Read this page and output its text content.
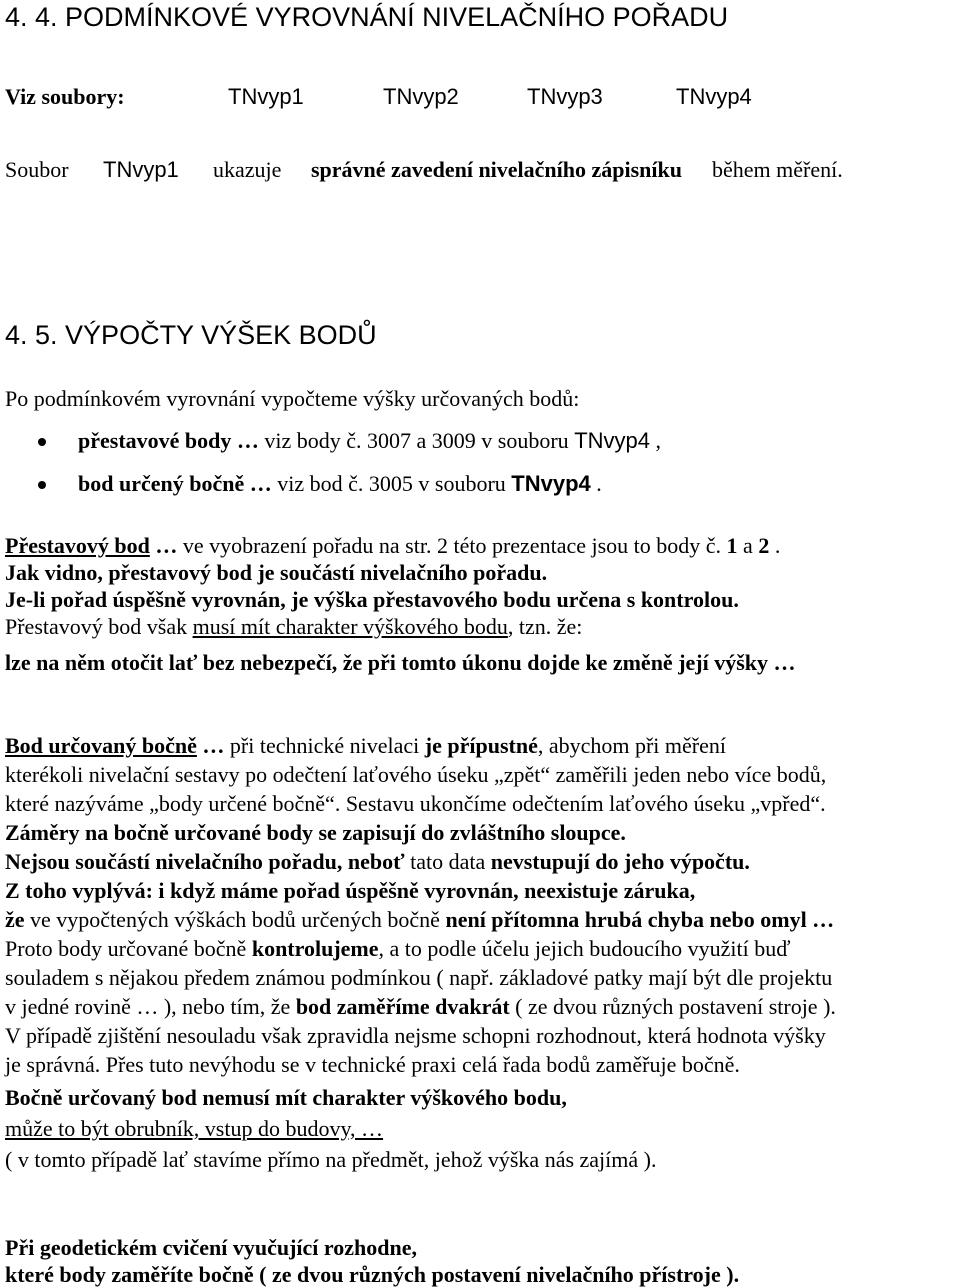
4. 4. PODMÍNKOVÉ VYROVNÁNÍ NIVELAČNÍHO POŘADU
Viz soubory:	TNvyp1	TNvyp2	TNvyp3	TNvyp4
Soubor TNvyp1 ukazuje správné zavedení nivelačního zápisníku během měření.
4. 5. VÝPOČTY VÝŠEK BODŮ
Po podmínkovém vyrovnání vypočteme výšky určovaných bodů:
přestavové body … viz body č. 3007 a 3009 v souboru TNvyp4 ,
bod určený bočně … viz bod č. 3005 v souboru TNvyp4 .
Přestavový bod … ve vyobrazení pořadu na str. 2 této prezentace jsou to body č. 1 a 2 .
Jak vidno, přestavový bod je součástí nivelačního pořadu.
Je-li pořad úspěšně vyrovnán, je výška přestavového bodu určena s kontrolou.
Přestavový bod však musí mít charakter výškového bodu, tzn. že:
lze na něm otočit lať bez nebezpečí, že při tomto úkonu dojde ke změně její výšky …
Bod určovaný bočně … při technické nivelaci je přípustné, abychom při měření
kterékoli nivelační sestavy po odečtení laťového úseku „zpět“ zaměřili jeden nebo více bodů,
které nazýváme „body určené bočně“. Sestavu ukončíme odečtením laťového úseku „vpřed“.
Záměry na bočně určované body se zapisují do zvláštního sloupce.
Nejsou součástí nivelačního pořadu, neboť tato data nevstupují do jeho výpočtu.
Z toho vyplývá: i když máme pořad úspěšně vyrovnán, neexistuje záruka,
že ve vypočtených výškách bodů určených bočně není přítomna hrubá chyba nebo omyl …
Proto body určované bočně kontrolujeme, a to podle účelu jejich budoucího využití buď
souladem s nějakou předem známou podmínkou ( např. základové patky mají být dle projektu
v jedné rovině … ), nebo tím, že bod zaměříme dvakrát ( ze dvou různých postavení stroje ).
V případě zjištění nesouladu však zpravidla nejsme schopni rozhodnout, která hodnota výšky
je správná. Přes tuto nevýhodu se v technické praxi celá řada bodů zaměřuje bočně.
Bočně určovaný bod nemusí mít charakter výškového bodu,
může to být obrubník, vstup do budovy, …
( v tomto případě lať stavíme přímo na předmět, jehož výška nás zajímá ).
Při geodetickém cvičení vyučující rozhodne,
které body zaměříte bočně ( ze dvou různých postavení nivelačního přístroje ).
